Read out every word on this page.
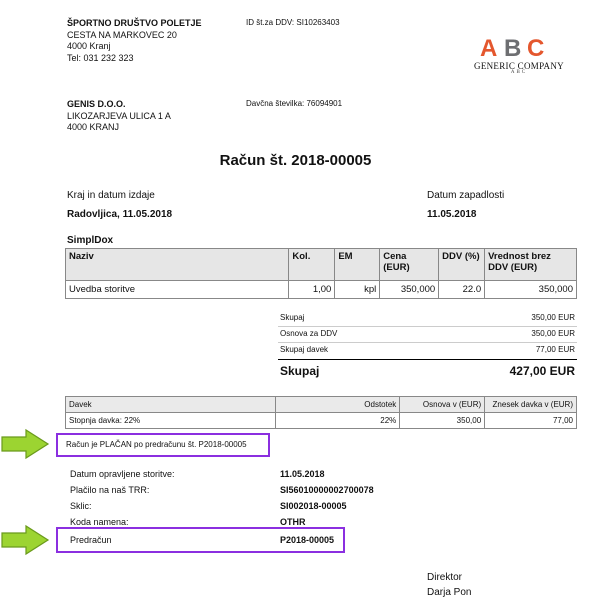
ŠPORTNO DRUŠTVO POLETJE
CESTA NA MARKOVEC 20
4000 Kranj
Tel: 031 232 323
ID št.za DDV: SI10263403
A B C
GENERIC COMPANY
ABC
GENIS D.O.O.
LIKOZARJEVA ULICA 1 A
4000 KRANJ
Davčna številka: 76094901
Račun št. 2018-00005
Kraj in datum izdaje
Radovljica, 11.05.2018
Datum zapadlosti
11.05.2018
SimplDox
Naziv	Kol.	EM	Cena (EUR)	DDV (%)	Vrednost brez DDV (EUR)
Uvedba storitve	1,00	kpl	350,000	22.0	350,000
Skupaj	350,00 EUR
Osnova za DDV	350,00 EUR
Skupaj davek	77,00 EUR
Skupaj	427,00 EUR
Davek	Odstotek	Osnova v (EUR)	Znesek davka v (EUR)
Stopnja davka: 22%	22%	350,00	77,00
Račun je PLAČAN po predračunu št. P2018-00005
Datum opravljene storitve:	11.05.2018
Plačilo na naš TRR:	SI56010000002700078
Sklic:	SI002018-00005
Koda namena:	OTHR
Predračun	P2018-00005
Direktor
Darja Pon
